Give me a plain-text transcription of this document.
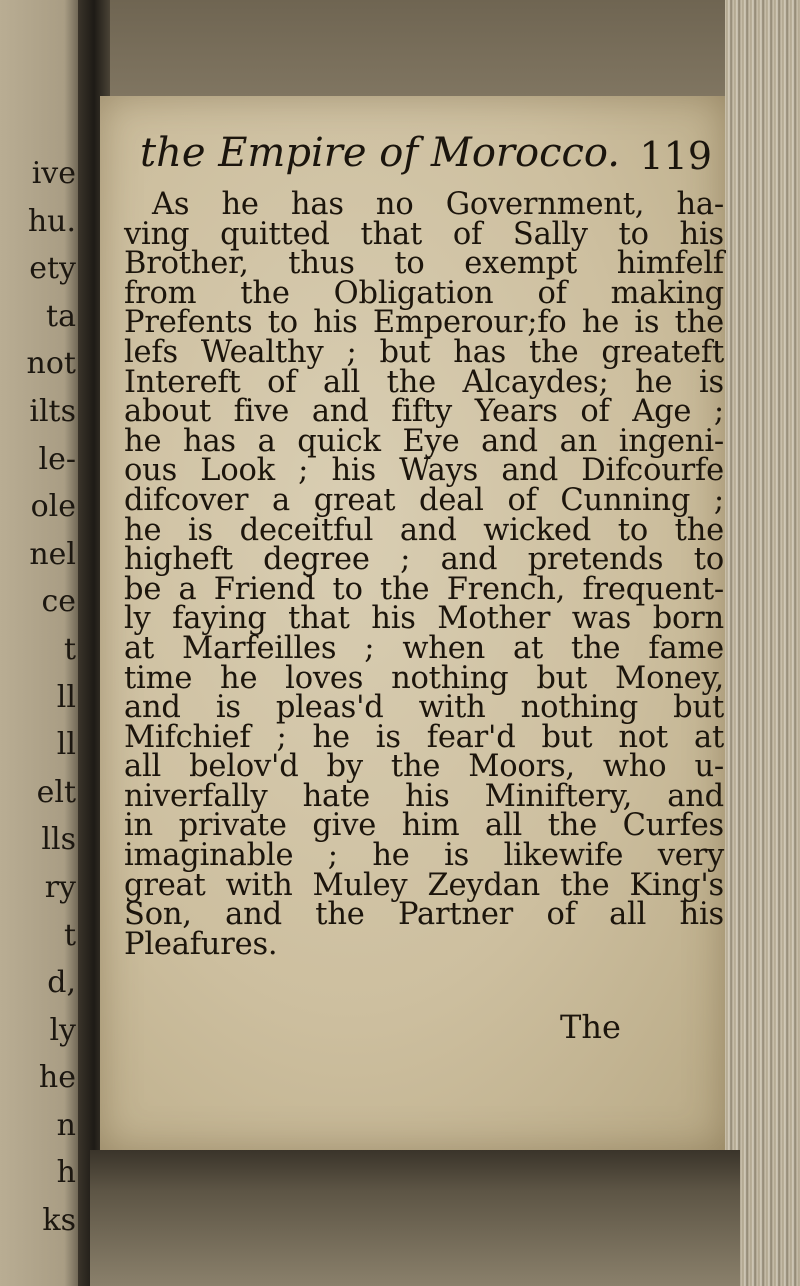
ive
hu.
ety
ta
not
ilts
le-
ole
nel
ce
t
ll
ll
elt
lls
ry
t
d,
ly
he
n
h
ks
the Empire of Morocco. 119
As he has no Government, ha-
ving quitted that of Sally to his
Brother, thus to exempt himfelf
from the Obligation of making
Prefents to his Emperour;fo he is the
lefs Wealthy ; but has the greateft
Intereft of all the Alcaydes; he is
about five and fifty Years of Age ;
he has a quick Eye and an ingeni-
ous Look ; his Ways and Difcourfe
difcover a great deal of Cunning ;
he is deceitful and wicked to the
higheft degree ; and pretends to
be a Friend to the French, frequent-
ly faying that his Mother was born
at Marfeilles ; when at the fame
time he loves nothing but Money,
and is pleas'd with nothing but
Mifchief ; he is fear'd but not at
all belov'd by the Moors, who u-
niverfally hate his Miniftery, and
in private give him all the Curfes
imaginable ; he is likewife very
great with Muley Zeydan the King's
Son, and the Partner of all his
Pleafures.
The
